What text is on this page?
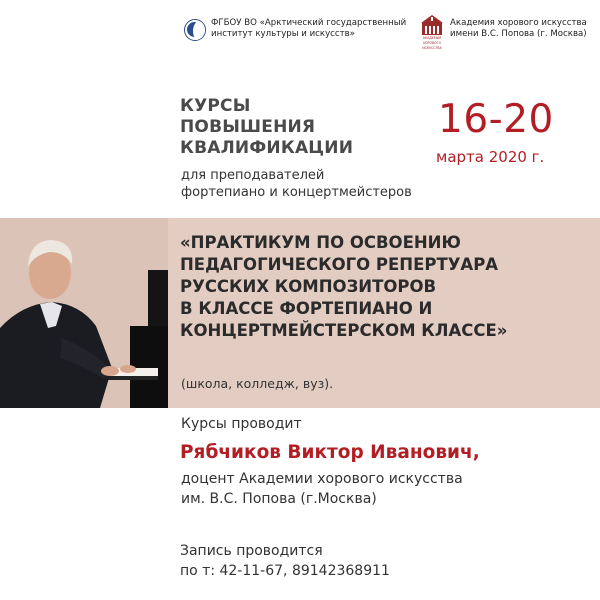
ФГБОУ ВО «Арктический государственный
институт культуры и искусств»	АКАДЕМИЯ
ХОРОВОГО
ИСКУССТВА
Академия хорового искусства
имени В.С. Попова (г. Москва)
КУРСЫ
ПОВЫШЕНИЯ
КВАЛИФИКАЦИИ
для преподавателей
фортепиано и концертмейстеров
16-20
марта 2020 г.
«ПРАКТИКУМ ПО ОСВОЕНИЮ
ПЕДАГОГИЧЕСКОГО РЕПЕРТУАРА
РУССКИХ КОМПОЗИТОРОВ
В КЛАССЕ ФОРТЕПИАНО И
КОНЦЕРТМЕЙСТЕРСКОМ КЛАССЕ»
(школа, колледж, вуз).
Курсы проводит
Рябчиков Виктор Иванович,
доцент Академии хорового искусства
им. В.С. Попова (г.Москва)
Запись проводится
по т: 42-11-67, 89142368911
